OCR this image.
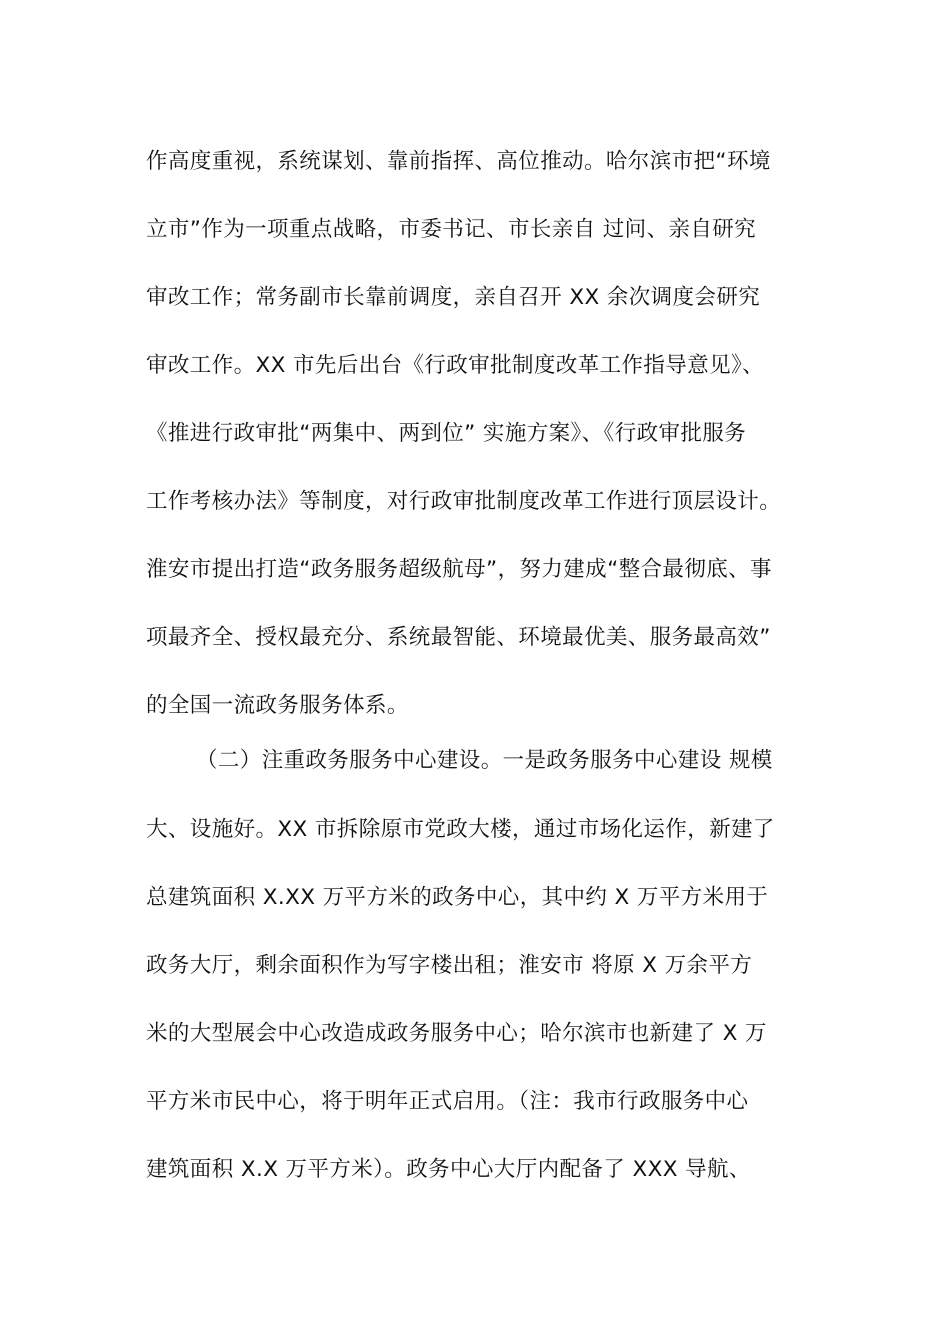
作高度重视，系统谋划、靠前指挥、高位推动。哈尔滨市把“环境
立市”作为一项重点战略，市委书记、市长亲自 过问、亲自研究
审改工作；常务副市长靠前调度，亲自召开 XX 余次调度会研究
审改工作。XX 市先后出台《行政审批制度改革工作指导意见》、
《推进行政审批“两集中、两到位” 实施方案》、《行政审批服务
工作考核办法》等制度，对行政审批制度改革工作进行顶层设计。
淮安市提出打造“政务服务超级航母”，努力建成“整合最彻底、事
项最齐全、授权最充分、系统最智能、环境最优美、服务最高效”
的全国一流政务服务体系。
（二）注重政务服务中心建设。一是政务服务中心建设 规模
大、设施好。XX 市拆除原市党政大楼，通过市场化运作，新建了
总建筑面积 X.XX 万平方米的政务中心，其中约 X 万平方米用于
政务大厅，剩余面积作为写字楼出租；淮安市 将原 X 万余平方
米的大型展会中心改造成政务服务中心；哈尔滨市也新建了 X 万
平方米市民中心，将于明年正式启用。（注：我市行政服务中心
建筑面积 X.X 万平方米）。政务中心大厅内配备了 XXX 导航、
